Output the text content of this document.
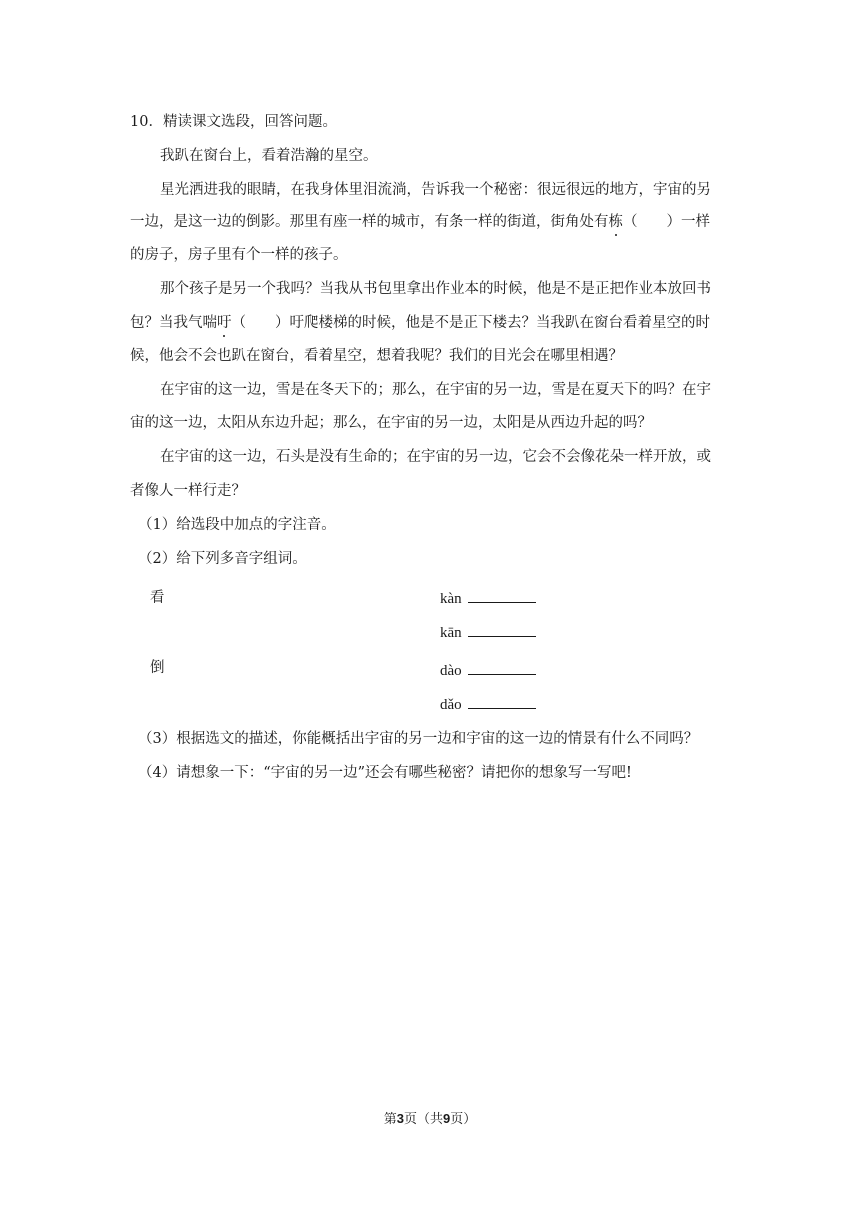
10．精读课文选段，回答问题。
我趴在窗台上，看着浩瀚的星空。
星光洒进我的眼睛，在我身体里泪流淌，告诉我一个秘密：很远很远的地方，宇宙的另
一边，是这一边的倒影。那里有座一样的城市，有条一样的街道，街角处有栋（　　）一样
的房子，房子里有个一样的孩子。
那个孩子是另一个我吗？当我从书包里拿出作业本的时候，他是不是正把作业本放回书
包？当我气喘吁（　　）吁爬楼梯的时候，他是不是正下楼去？当我趴在窗台看着星空的时
候，他会不会也趴在窗台，看着星空，想着我呢？我们的目光会在哪里相遇？
在宇宙的这一边，雪是在冬天下的；那么，在宇宙的另一边，雪是在夏天下的吗？在宇
宙的这一边，太阳从东边升起；那么，在宇宙的另一边，太阳是从西边升起的吗？
在宇宙的这一边，石头是没有生命的；在宇宙的另一边，它会不会像花朵一样开放，或
者像人一样行走？
（1）给选段中加点的字注音。
（2）给下列多音字组词。
看	kàn
kān
倒	dào
dǎo
（3）根据选文的描述，你能概括出宇宙的另一边和宇宙的这一边的情景有什么不同吗？
（4）请想象一下：“宇宙的另一边”还会有哪些秘密？请把你的想象写一写吧!
第3页（共9页）
